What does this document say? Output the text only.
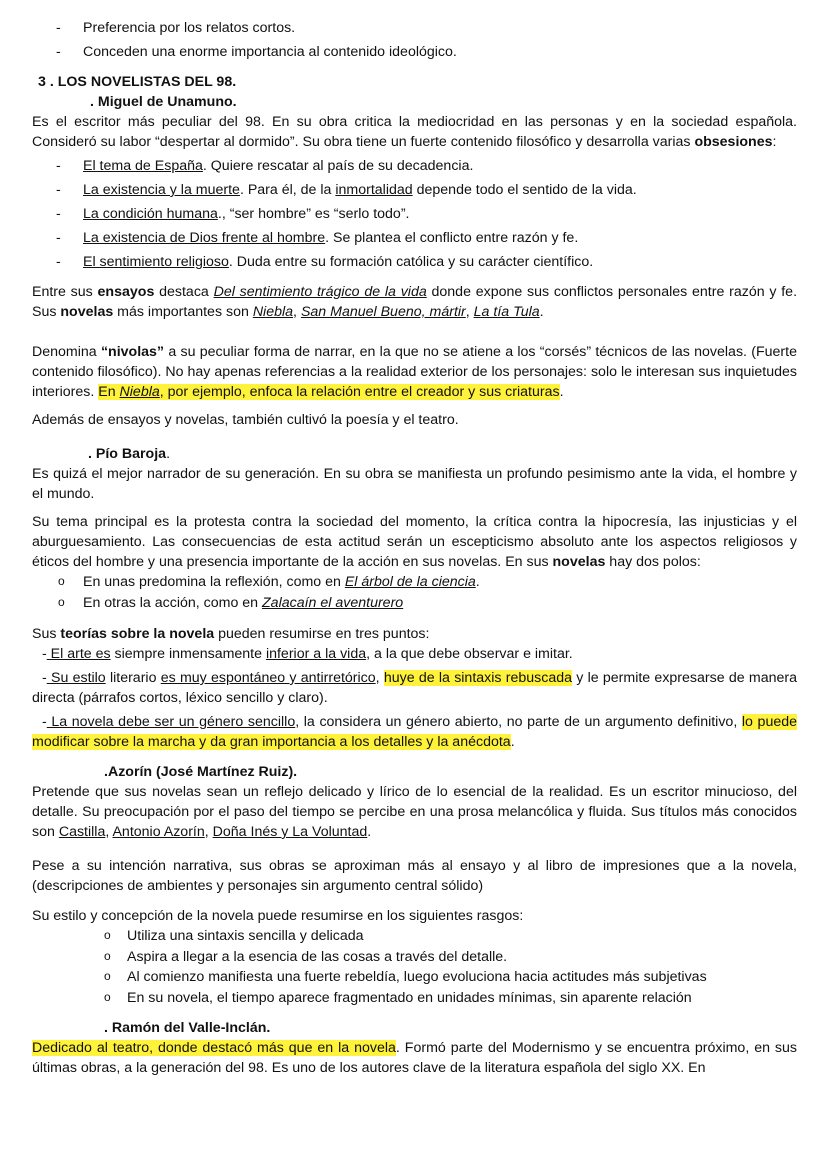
- Preferencia por los relatos cortos.
- Conceden una enorme importancia al contenido ideológico.

3 . LOS NOVELISTAS DEL 98.

. Miguel de Unamuno.

Es el escritor más peculiar del 98. En su obra critica la mediocridad en las personas y en la sociedad española. Consideró su labor “despertar al dormido”. Su obra tiene un fuerte contenido filosófico y desarrolla varias obsesiones:

- El tema de España. Quiere rescatar al país de su decadencia.
- La existencia y la muerte. Para él, de la inmortalidad depende todo el sentido de la vida.
- La condición humana., “ser hombre” es “serlo todo”.
- La existencia de Dios frente al hombre. Se plantea el conflicto entre razón y fe.
- El sentimiento religioso. Duda entre su formación católica y su carácter científico.

Entre sus ensayos destaca Del sentimiento trágico de la vida donde expone sus conflictos personales entre razón y fe. Sus novelas más importantes son Niebla, San Manuel Bueno, mártir, La tía Tula.

Denomina “nivolas” a su peculiar forma de narrar, en la que no se atiene a los “corsés” técnicos de las novelas. (Fuerte contenido filosófico). No hay apenas referencias a la realidad exterior de los personajes: solo le interesan sus inquietudes interiores. En Niebla, por ejemplo, enfoca la relación entre el creador y sus criaturas.

Además de ensayos y novelas, también cultivó la poesía y el teatro.

. Pío Baroja.

Es quizá el mejor narrador de su generación. En su obra se manifiesta un profundo pesimismo ante la vida, el hombre y el mundo.

Su tema principal es la protesta contra la sociedad del momento, la crítica contra la hipocresía, las injusticias y el aburguesamiento. Las consecuencias de esta actitud serán un escepticismo absoluto ante los aspectos religiosos y éticos del hombre y una presencia importante de la acción en sus novelas. En sus novelas hay dos polos:

o En unas predomina la reflexión, como en El árbol de la ciencia.
o En otras la acción, como en Zalacaín el aventurero

Sus teorías sobre la novela pueden resumirse en tres puntos:

- El arte es siempre inmensamente inferior a la vida, a la que debe observar e imitar.

- Su estilo literario es muy espontáneo y antirretórico, huye de la sintaxis rebuscada y le permite expresarse de manera directa (párrafos cortos, léxico sencillo y claro).

- La novela debe ser un género sencillo, la considera un género abierto, no parte de un argumento definitivo, lo puede modificar sobre la marcha y da gran importancia a los detalles y la anécdota.

.Azorín (José Martínez Ruiz).

Pretende que sus novelas sean un reflejo delicado y lírico de lo esencial de la realidad. Es un escritor minucioso, del detalle. Su preocupación por el paso del tiempo se percibe en una prosa melancólica y fluida. Sus títulos más conocidos son Castilla, Antonio Azorín, Doña Inés y La Voluntad.

Pese a su intención narrativa, sus obras se aproximan más al ensayo y al libro de impresiones que a la novela, (descripciones de ambientes y personajes sin argumento central sólido)

Su estilo y concepción de la novela puede resumirse en los siguientes rasgos:

o Utiliza una sintaxis sencilla y delicada
o Aspira a llegar a la esencia de las cosas a través del detalle.
o Al comienzo manifiesta una fuerte rebeldía, luego evoluciona hacia actitudes más subjetivas
o En su novela, el tiempo aparece fragmentado en unidades mínimas, sin aparente relación

. Ramón del Valle-Inclán.

Dedicado al teatro, donde destacó más que en la novela. Formó parte del Modernismo y se encuentra próximo, en sus últimas obras, a la generación del 98. Es uno de los autores clave de la literatura española del siglo XX. En
